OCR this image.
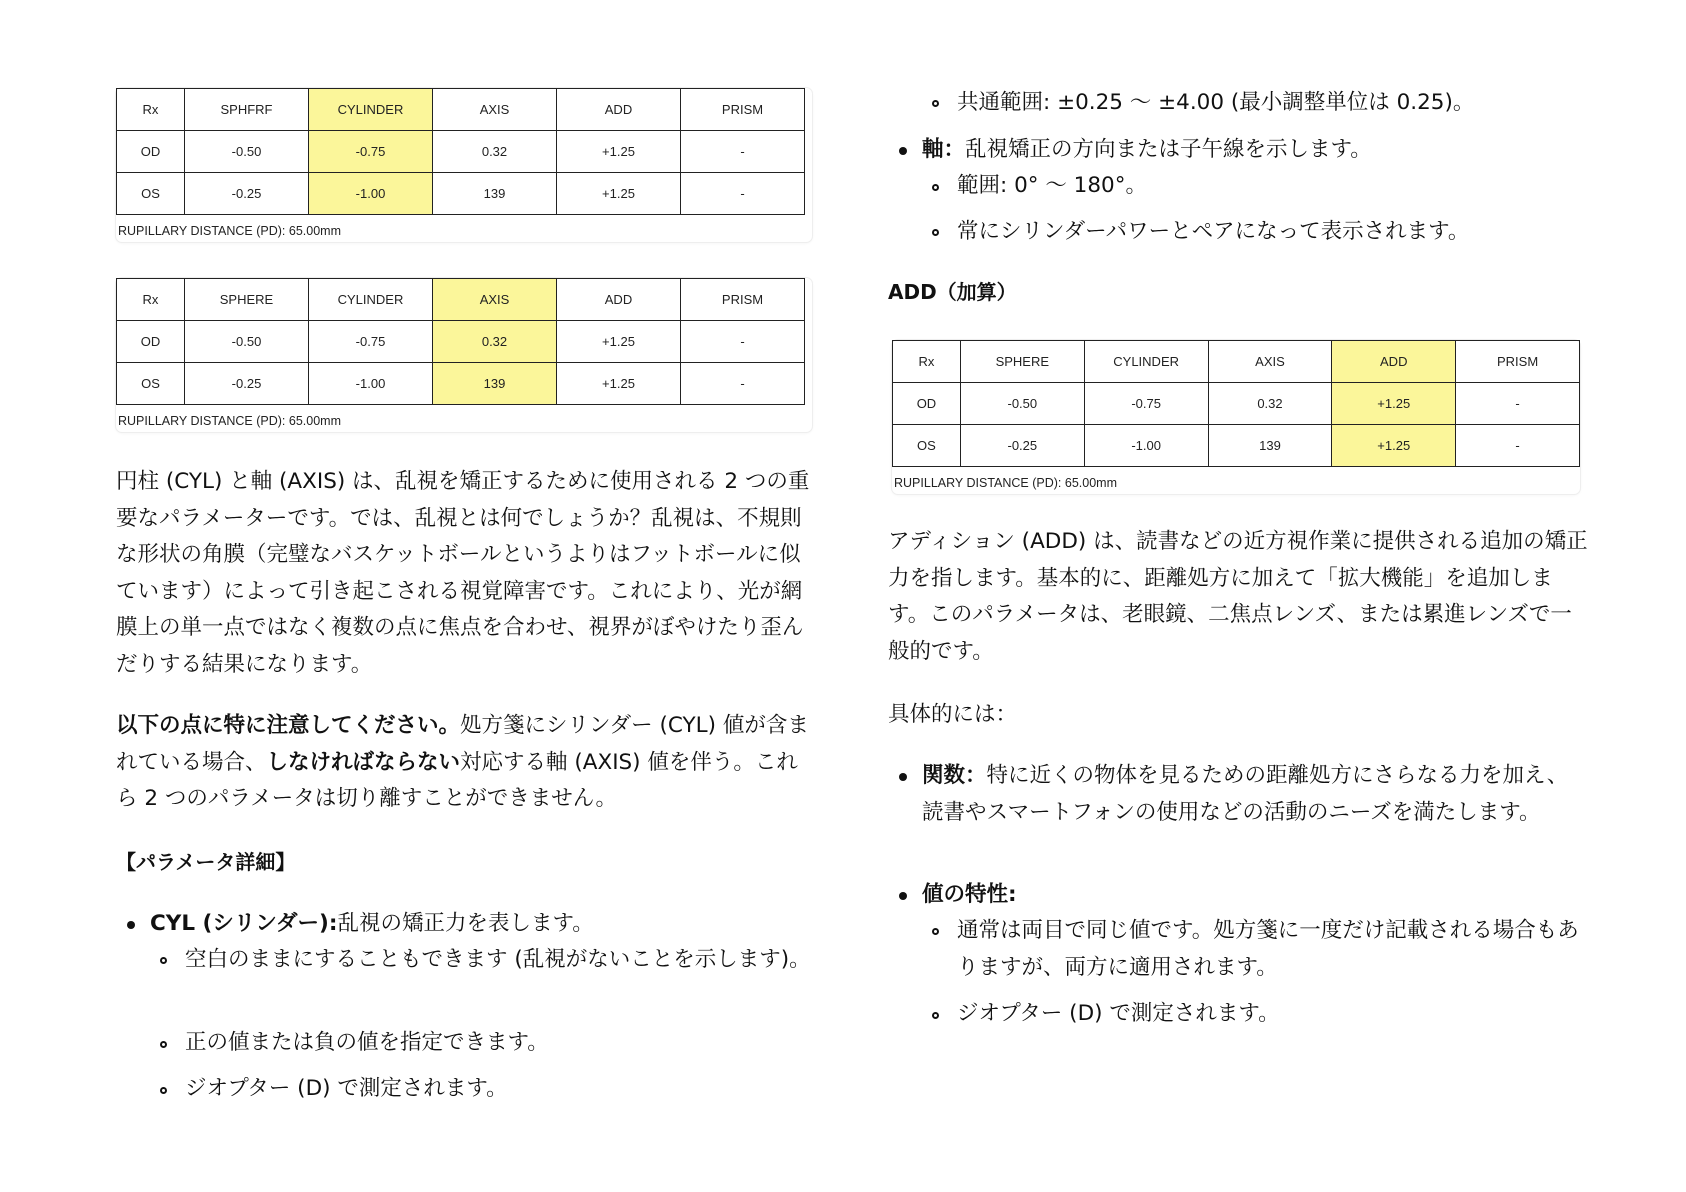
Rx	SPHFRF	CYLINDER	AXIS	ADD	PRISM
OD	-0.50	-0.75	0.32	+1.25	-
OS	-0.25	-1.00	139	+1.25	-
RUPILLARY DISTANCE (PD): 65.00mm
Rx	SPHERE	CYLINDER	AXIS	ADD	PRISM
OD	-0.50	-0.75	0.32	+1.25	-
OS	-0.25	-1.00	139	+1.25	-
RUPILLARY DISTANCE (PD): 65.00mm

円柱 (CYL) と軸 (AXIS) は、乱視を矯正するために使用される 2 つの重要なパラメーターです。では、乱視とは何でしょうか？乱視は、不規則な形状の角膜（完璧なバスケットボールというよりはフットボールに似ています）によって引き起こされる視覚障害です。これにより、光が網膜上の単一点ではなく複数の点に焦点を合わせ、視界がぼやけたり歪んだりする結果になります。

以下の点に特に注意してください。処方箋にシリンダー (CYL) 値が含まれている場合、しなければならない対応する軸 (AXIS) 値を伴う。これら 2 つのパラメータは切り離すことができません。

【パラメータ詳細】

CYL (シリンダー):乱視の矯正力を表します。
空白のままにすることもできます (乱視がないことを示します)。
正の値または負の値を指定できます。
ジオプター (D) で測定されます。
共通範囲: ±0.25 〜 ±4.00 (最小調整単位は 0.25)。
軸：乱視矯正の方向または子午線を示します。
範囲: 0° 〜 180°。
常にシリンダーパワーとペアになって表示されます。

ADD（加算）

Rx	SPHERE	CYLINDER	AXIS	ADD	PRISM
OD	-0.50	-0.75	0.32	+1.25	-
OS	-0.25	-1.00	139	+1.25	-
RUPILLARY DISTANCE (PD): 65.00mm

アディション (ADD) は、読書などの近方視作業に提供される追加の矯正力を指します。基本的に、距離処方に加えて「拡大機能」を追加します。このパラメータは、老眼鏡、二焦点レンズ、または累進レンズで一般的です。

具体的には：

関数：特に近くの物体を見るための距離処方にさらなる力を加え、読書やスマートフォンの使用などの活動のニーズを満たします。
値の特性:
通常は両目で同じ値です。処方箋に一度だけ記載される場合もありますが、両方に適用されます。
ジオプター (D) で測定されます。
